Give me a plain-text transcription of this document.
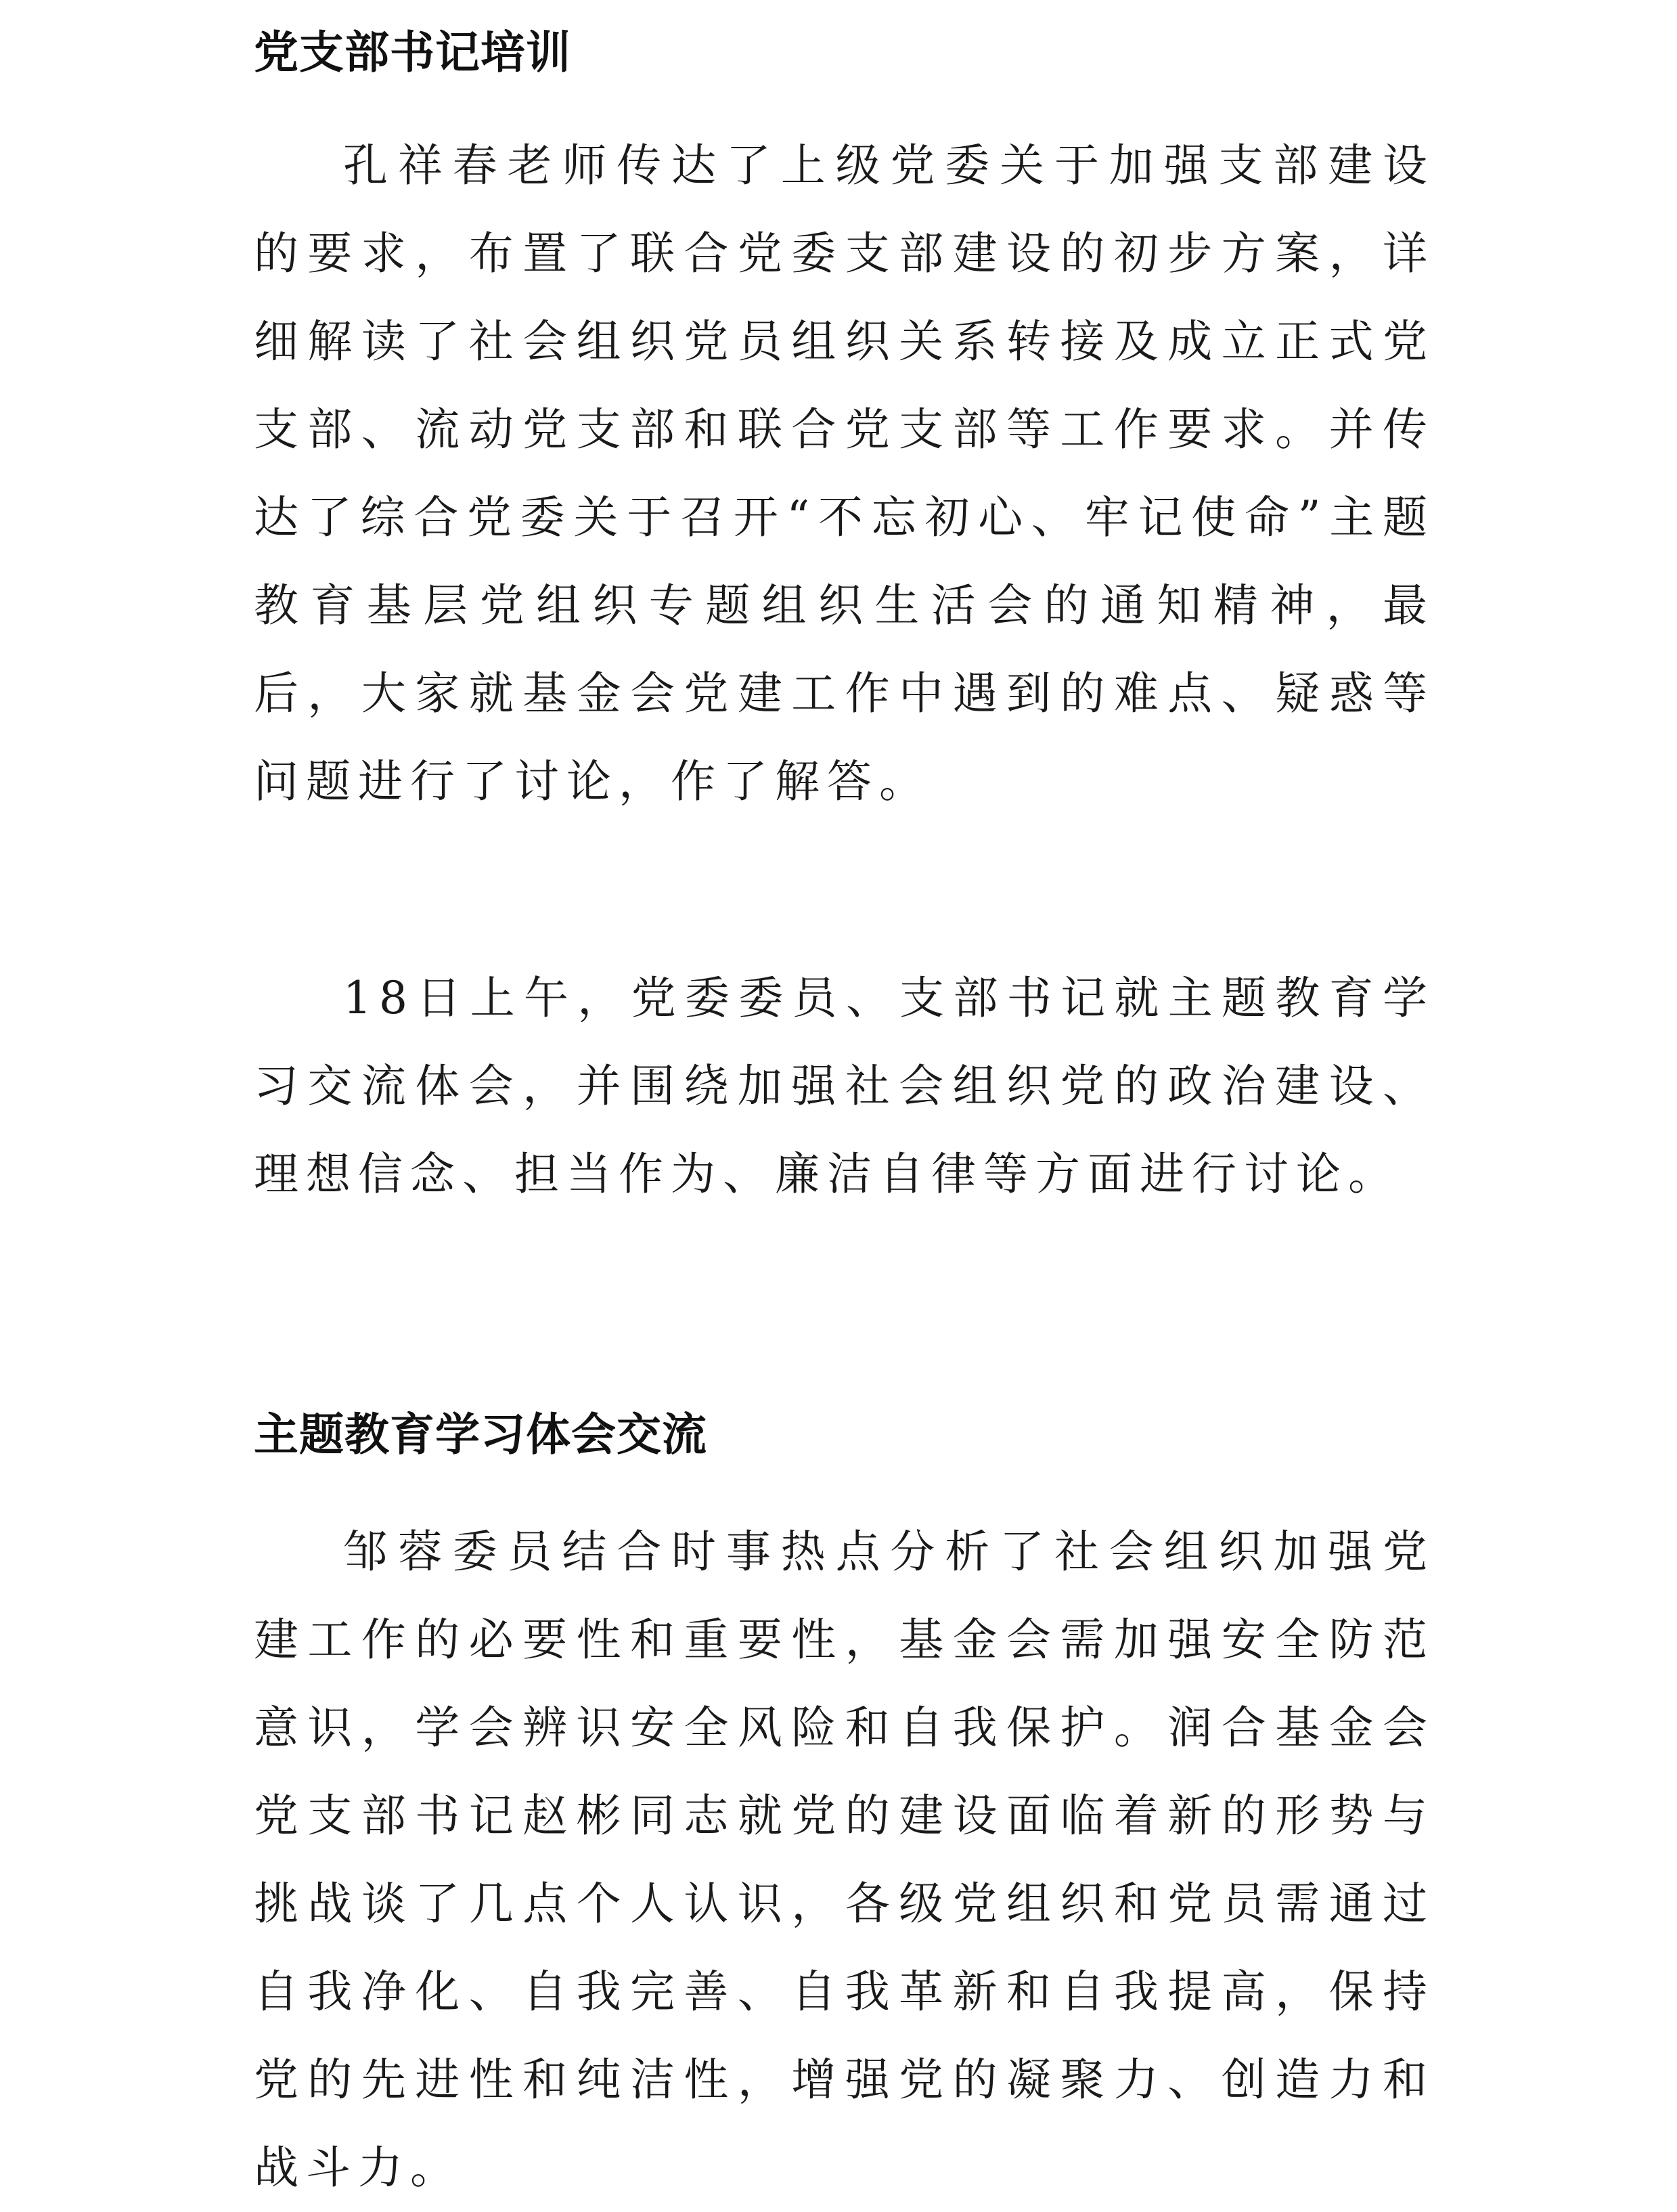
党支部书记培训

孔祥春老师传达了上级党委关于加强支部建设的要求，布置了联合党委支部建设的初步方案，详细解读了社会组织党员组织关系转接及成立正式党支部、流动党支部和联合党支部等工作要求。并传达了综合党委关于召开“不忘初心、牢记使命”主题教育基层党组织专题组织生活会的通知精神，最后，大家就基金会党建工作中遇到的难点、疑惑等问题进行了讨论，作了解答。

18日上午，党委委员、支部书记就主题教育学习交流体会，并围绕加强社会组织党的政治建设、理想信念、担当作为、廉洁自律等方面进行讨论。

主题教育学习体会交流

邹蓉委员结合时事热点分析了社会组织加强党建工作的必要性和重要性，基金会需加强安全防范意识，学会辨识安全风险和自我保护。润合基金会党支部书记赵彬同志就党的建设面临着新的形势与挑战谈了几点个人认识，各级党组织和党员需通过自我净化、自我完善、自我革新和自我提高，保持党的先进性和纯洁性，增强党的凝聚力、创造力和战斗力。
